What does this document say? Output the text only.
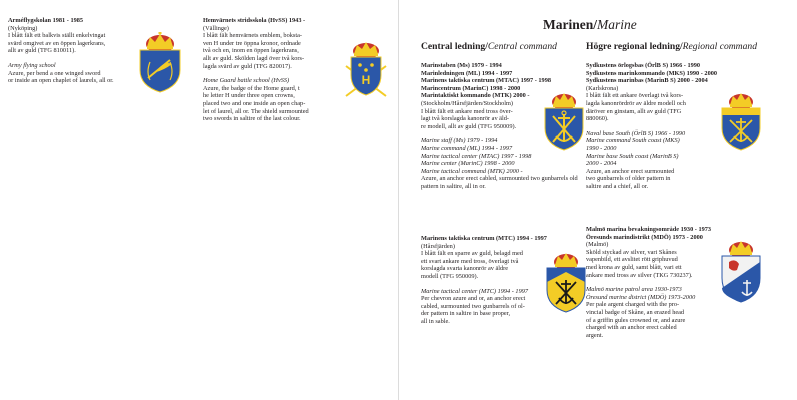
Arméflygskolan 1981 - 1985

(Nyköping)

I blått fält ett balkvis ställt enkelvingat

svärd omgivet av en öppen lagerkrans,

allt av guld (TFG 810011).

Army flying school

Azure, per bend a one winged sword

or inside an open chaplet of laurels, all or.

Hemvärnets stridsskola (HvSS) 1943 -

(Vällinge)

I blått fält hemvärnets emblem, boksta-

ven H under tre öppna kronor, ordnade

två och en, inom en öppen lagerkrans,

allt av guld. Skölden lagd över två kors-

lagda svärd av guld (TFG 820017).

Home Guard battle school (HvSS)

Azure, the badge of the Home guard, t

he letter H under three open crowns,

placed two and one inside an open chap-

let of laurel, all or. The shield surmounted

two swords in saltire of the last colour.

H
Marinen/Marine
Central ledning/Central command	Högre regional ledning/Regional command

Marinstaben (Ms) 1979 - 1994

Marinledningen (ML) 1994 - 1997

Marinens taktiska centrum (MTAC) 1997 - 1998

Marincentrum (MarinC) 1998 - 2000

Marintaktiskt kommando (MTK) 2000 -

(Stockholm/Hårsfjärden/Stockholm)

I blått fält ett ankare med tross över-

lagt två korslagda kanonrör av äld-

re modell, allt av guld (TFG 950009).

Marine staff (Ms) 1979 - 1994

Marine command (ML) 1994 - 1997

Marine tactical center (MTAC) 1997 - 1998

Marine center (MarinC) 1998 - 2000

Marine tactical command (MTK) 2000 -

Azure, an anchor erect cabled, surmounted two gunbarrels old

pattern in saltire, all in or.

Marinens taktiska centrum (MTC) 1994 - 1997

(Hårsfjärden)

I blått fält en sparre av guld, belagd med

ett svart ankare med tross, överlagt två

korslagda svarta kanonrör av äldre

modell (TFG 950009).

Marine tactical center (MTC) 1994 - 1997

Per chevron azure and or, an anchor erect

cabled, surmounted two gunbarrels of ol-

der pattern in saltire in base proper,

all in sable.

Sydkustens örlogsbas (ÖrlB S) 1966 - 1990

Sydkustens marinkommando (MKS) 1990 - 2000

Sydkustens marinbas (MarinB S) 2000 - 2004

(Karlskrona)

I blått fält ett ankare överlagt två kors-

lagda kanonrördrör av äldre modell och

däröver en ginstam, allt av guld (TFG

880060).

Naval base South (ÖrlB S) 1966 - 1990

Marine command South coast (MKS)

1990 - 2000

Marine base South coast (MarinB S)

2000 - 2004

Azure, an anchor erect surmounted

two gunbarrels of older pattern in

saltire and a chief, all or.

Malmö marina bevakningsområde 1930 - 1973

Öresunds marindistrikt (MDÖ) 1973 - 2000

(Malmö)

Sköld styckad av silver, vari Skånes

vapenbild, ett avslitet rött griphuvud

med krona av guld, samt blått, vari ett

ankare med tross av silver (TKG 730237).

Malmö marine patrol area 1930-1973

Öresund marine district (MDÖ) 1973-2000

Per pale argent charged with the pro-

vincial badge of Skåne, an erazed head

of a griffin gules crowned or, and azure

charged with an anchor erect cabled

argent.
